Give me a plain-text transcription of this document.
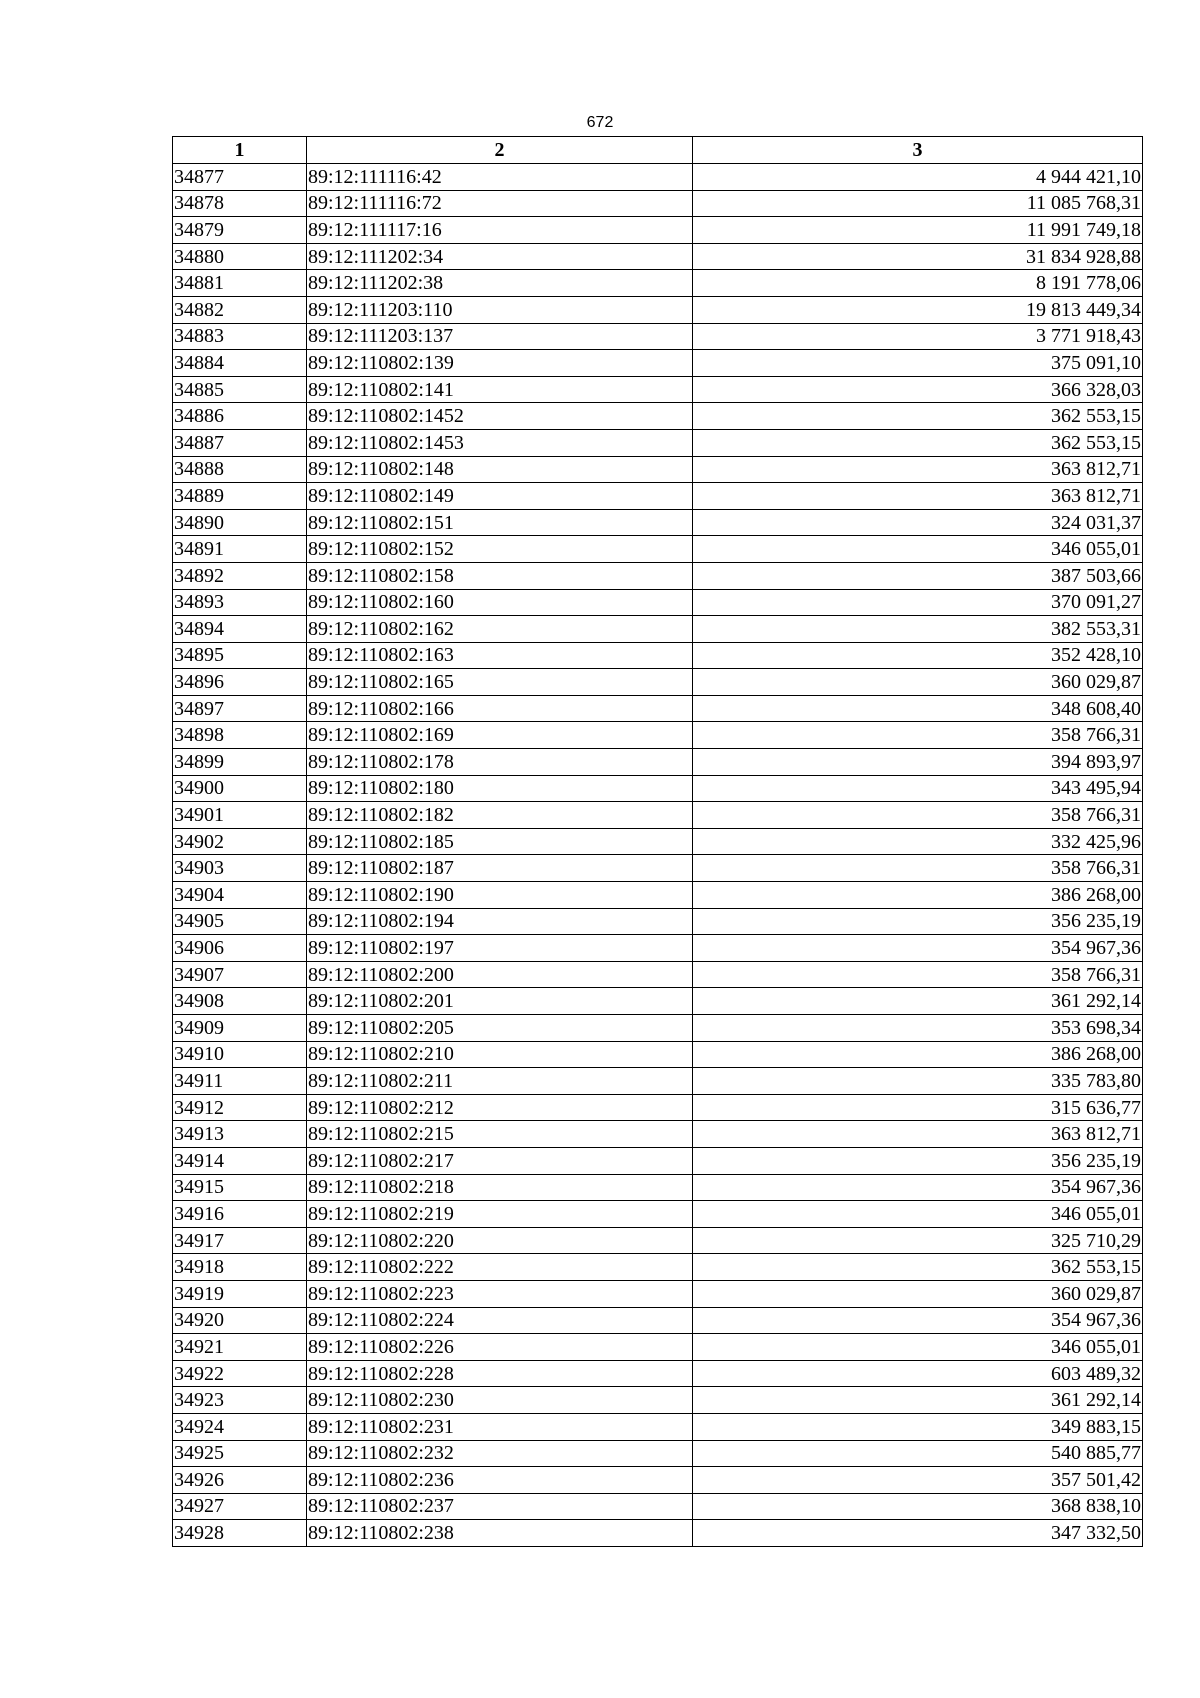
672
1	2	3
34877	89:12:111116:42	4 944 421,10
34878	89:12:111116:72	11 085 768,31
34879	89:12:111117:16	11 991 749,18
34880	89:12:111202:34	31 834 928,88
34881	89:12:111202:38	8 191 778,06
34882	89:12:111203:110	19 813 449,34
34883	89:12:111203:137	3 771 918,43
34884	89:12:110802:139	375 091,10
34885	89:12:110802:141	366 328,03
34886	89:12:110802:1452	362 553,15
34887	89:12:110802:1453	362 553,15
34888	89:12:110802:148	363 812,71
34889	89:12:110802:149	363 812,71
34890	89:12:110802:151	324 031,37
34891	89:12:110802:152	346 055,01
34892	89:12:110802:158	387 503,66
34893	89:12:110802:160	370 091,27
34894	89:12:110802:162	382 553,31
34895	89:12:110802:163	352 428,10
34896	89:12:110802:165	360 029,87
34897	89:12:110802:166	348 608,40
34898	89:12:110802:169	358 766,31
34899	89:12:110802:178	394 893,97
34900	89:12:110802:180	343 495,94
34901	89:12:110802:182	358 766,31
34902	89:12:110802:185	332 425,96
34903	89:12:110802:187	358 766,31
34904	89:12:110802:190	386 268,00
34905	89:12:110802:194	356 235,19
34906	89:12:110802:197	354 967,36
34907	89:12:110802:200	358 766,31
34908	89:12:110802:201	361 292,14
34909	89:12:110802:205	353 698,34
34910	89:12:110802:210	386 268,00
34911	89:12:110802:211	335 783,80
34912	89:12:110802:212	315 636,77
34913	89:12:110802:215	363 812,71
34914	89:12:110802:217	356 235,19
34915	89:12:110802:218	354 967,36
34916	89:12:110802:219	346 055,01
34917	89:12:110802:220	325 710,29
34918	89:12:110802:222	362 553,15
34919	89:12:110802:223	360 029,87
34920	89:12:110802:224	354 967,36
34921	89:12:110802:226	346 055,01
34922	89:12:110802:228	603 489,32
34923	89:12:110802:230	361 292,14
34924	89:12:110802:231	349 883,15
34925	89:12:110802:232	540 885,77
34926	89:12:110802:236	357 501,42
34927	89:12:110802:237	368 838,10
34928	89:12:110802:238	347 332,50
